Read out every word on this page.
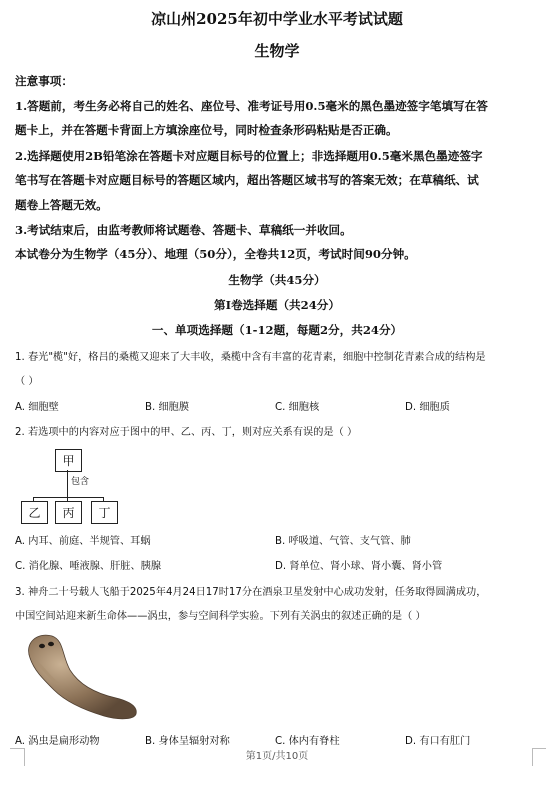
凉山州2025年初中学业水平考试试题
生物学
注意事项：
1.答题前，考生务必将自己的姓名、座位号、准考证号用0.5毫米的黑色墨迹签字笔填写在答
题卡上，并在答题卡背面上方填涂座位号，同时检查条形码粘贴是否正确。
2.选择题使用2B铅笔涂在答题卡对应题目标号的位置上；非选择题用0.5毫米黑色墨迹签字
笔书写在答题卡对应题目标号的答题区域内，超出答题区域书写的答案无效；在草稿纸、试
题卷上答题无效。
3.考试结束后，由监考教师将试题卷、答题卡、草稿纸一并收回。
本试卷分为生物学（45分）、地理（50分），全卷共12页，考试时间90分钟。
生物学（共45分）
第Ⅰ卷选择题（共24分）
一、单项选择题（1-12题，每题2分，共24分）
1. 春光"榄"好，格吕的桑榄又迎来了大丰收，桑榄中含有丰富的花青素，细胞中控制花青素合成的结构是
（ ）
A. 细胞壁	B. 细胞膜	C. 细胞核	D. 细胞质
2. 若选项中的内容对应于图中的甲、乙、丙、丁，则对应关系有误的是（ ）
甲
包含
乙	丙	丁
A. 内耳、前庭、半规管、耳蜗	B. 呼吸道、气管、支气管、肺
C. 消化腺、唾液腺、肝脏、胰腺	D. 肾单位、肾小球、肾小囊、肾小管
3. 神舟二十号载人飞船于2025年4月24日17时17分在酒泉卫星发射中心成功发射，任务取得圆满成功，
中国空间站迎来新生命体——涡虫，参与空间科学实验。下列有关涡虫的叙述正确的是（ ）
A. 涡虫是扁形动物	B. 身体呈辐射对称	C. 体内有脊柱	D. 有口有肛门
第1页/共10页
